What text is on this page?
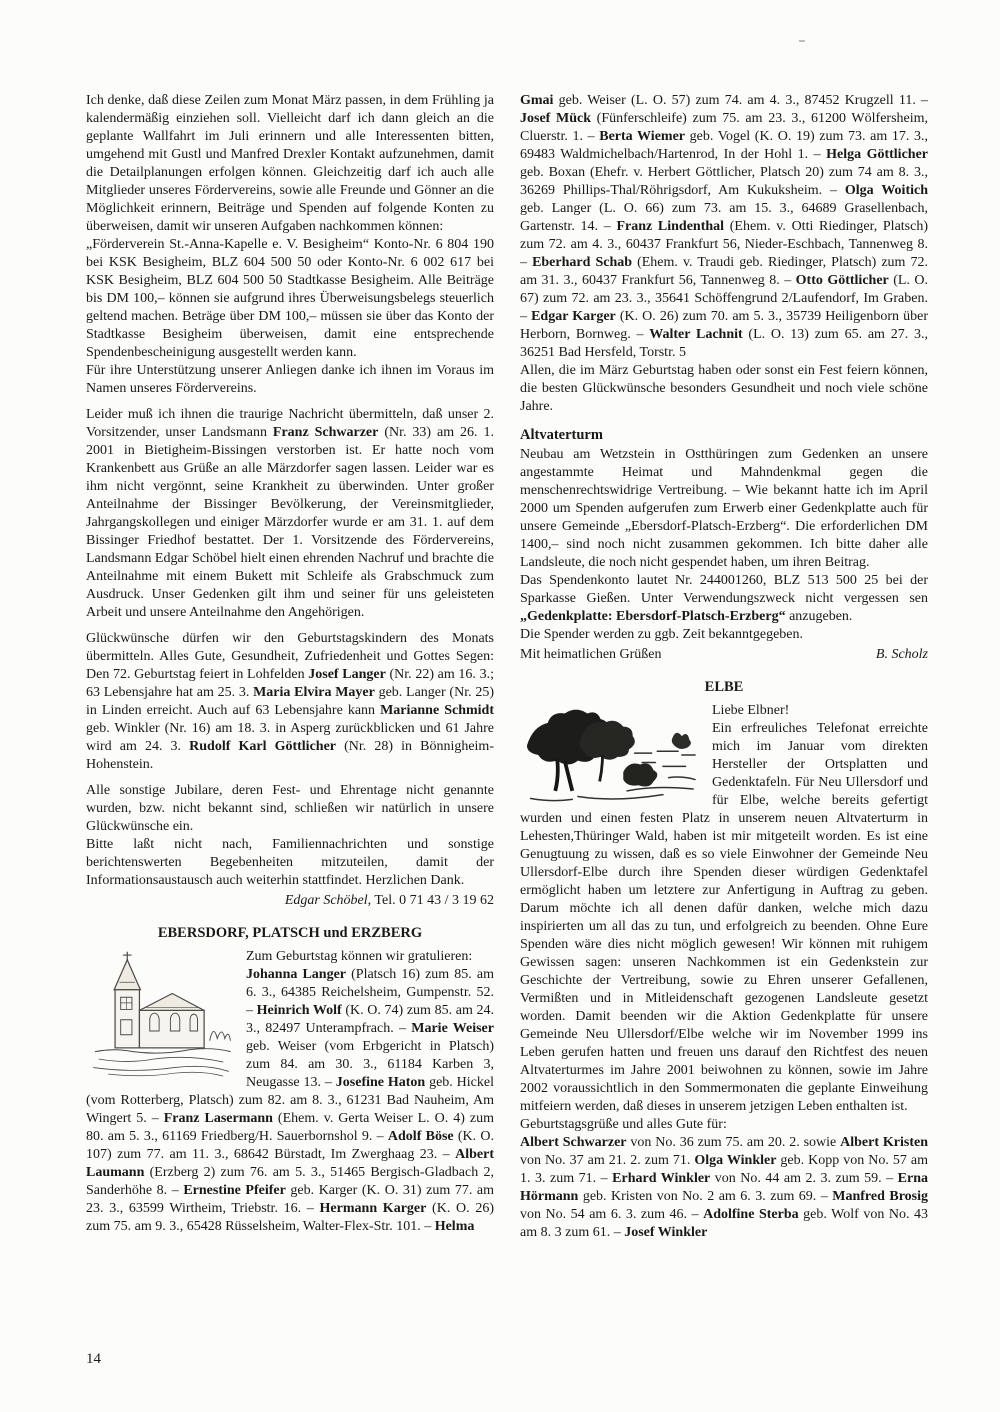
Ich denke, daß diese Zeilen zum Monat März passen, in dem Frühling ja kalendermäßig einziehen soll. Vielleicht darf ich dann gleich an die geplante Wallfahrt im Juli erinnern und alle Interessenten bitten, umgehend mit Gustl und Manfred Drexler Kontakt aufzunehmen, damit die Detailplanungen erfolgen können. Gleichzeitig darf ich auch alle Mitglieder unseres Fördervereins, sowie alle Freunde und Gönner an die Möglichkeit erinnern, Beiträge und Spenden auf folgende Konten zu überweisen, damit wir unseren Aufgaben nachkommen können:

„Förderverein St.-Anna-Kapelle e. V. Besigheim“ Konto-Nr. 6 804 190 bei KSK Besigheim, BLZ 604 500 50 oder Konto-Nr. 6 002 617 bei KSK Besigheim, BLZ 604 500 50 Stadtkasse Besigheim. Alle Beiträge bis DM 100,– können sie aufgrund ihres Überweisungsbelegs steuerlich geltend machen. Beträge über DM 100,– müssen sie über das Konto der Stadtkasse Besigheim überweisen, damit eine entsprechende Spendenbescheinigung ausgestellt werden kann.

Für ihre Unterstützung unserer Anliegen danke ich ihnen im Voraus im Namen unseres Fördervereins.

Leider muß ich ihnen die traurige Nachricht übermitteln, daß unser 2. Vorsitzender, unser Landsmann Franz Schwarzer (Nr. 33) am 26. 1. 2001 in Bietigheim-Bissingen verstorben ist. Er hatte noch vom Krankenbett aus Grüße an alle Märzdorfer sagen lassen. Leider war es ihm nicht vergönnt, seine Krankheit zu überwinden. Unter großer Anteilnahme der Bissinger Bevölkerung, der Vereinsmitglieder, Jahrgangskollegen und einiger Märzdorfer wurde er am 31. 1. auf dem Bissinger Friedhof bestattet. Der 1. Vorsitzende des Fördervereins, Landsmann Edgar Schöbel hielt einen ehrenden Nachruf und brachte die Anteilnahme mit einem Bukett mit Schleife als Grabschmuck zum Ausdruck. Unser Gedenken gilt ihm und seiner für uns geleisteten Arbeit und unsere Anteilnahme den Angehörigen.

Glückwünsche dürfen wir den Geburtstagskindern des Monats übermitteln. Alles Gute, Gesundheit, Zufriedenheit und Gottes Segen: Den 72. Geburtstag feiert in Lohfelden Josef Langer (Nr. 22) am 16. 3.; 63 Lebensjahre hat am 25. 3. Maria Elvira Mayer geb. Langer (Nr. 25) in Linden erreicht. Auch auf 63 Lebensjahre kann Marianne Schmidt geb. Winkler (Nr. 16) am 18. 3. in Asperg zurückblicken und 61 Jahre wird am 24. 3. Rudolf Karl Göttlicher (Nr. 28) in Bönnigheim-Hohenstein.

Alle sonstige Jubilare, deren Fest- und Ehrentage nicht genannte wurden, bzw. nicht bekannt sind, schließen wir natürlich in unsere Glückwünsche ein.

Bitte laßt nicht nach, Familiennachrichten und sonstige berichtenswerten Begebenheiten mitzuteilen, damit der Informationsaustausch auch weiterhin stattfindet. Herzlichen Dank.

Edgar Schöbel, Tel. 0 71 43 / 3 19 62

EBERSDORF, PLATSCH und ERZBERG

Zum Geburtstag können wir gratulieren:

Johanna Langer (Platsch 16) zum 85. am 6. 3., 64385 Reichelsheim, Gumpenstr. 52. – Heinrich Wolf (K. O. 74) zum 85. am 24. 3., 82497 Unterampfrach. – Marie Weiser geb. Weiser (vom Erbgericht in Platsch) zum 84. am 30. 3., 61184 Karben 3, Neugasse 13. – Josefine Haton geb. Hickel (vom Rotterberg, Platsch) zum 82. am 8. 3., 61231 Bad Nauheim, Am Wingert 5. – Franz Lasermann (Ehem. v. Gerta Weiser L. O. 4) zum 80. am 5. 3., 61169 Friedberg/H. Sauerbornshol 9. – Adolf Böse (K. O. 107) zum 77. am 11. 3., 68642 Bürstadt, Im Zwerghaag 23. – Albert Laumann (Erzberg 2) zum 76. am 5. 3., 51465 Bergisch-Gladbach 2, Sanderhöhe 8. – Ernestine Pfeifer geb. Karger (K. O. 31) zum 77. am 23. 3., 63599 Wirtheim, Triebstr. 16. – Hermann Karger (K. O. 26) zum 75. am 9. 3., 65428 Rüsselsheim, Walter-Flex-Str. 101. – Helma

Gmai geb. Weiser (L. O. 57) zum 74. am 4. 3., 87452 Krugzell 11. – Josef Mück (Fünferschleife) zum 75. am 23. 3., 61200 Wölfersheim, Cluerstr. 1. – Berta Wiemer geb. Vogel (K. O. 19) zum 73. am 17. 3., 69483 Waldmichelbach/Hartenrod, In der Hohl 1. – Helga Göttlicher geb. Boxan (Ehefr. v. Herbert Göttlicher, Platsch 20) zum 74 am 8. 3., 36269 Phillips-Thal/Röhrigsdorf, Am Kukuksheim. – Olga Woitich geb. Langer (L. O. 66) zum 73. am 15. 3., 64689 Grasellenbach, Gartenstr. 14. – Franz Lindenthal (Ehem. v. Otti Riedinger, Platsch) zum 72. am 4. 3., 60437 Frankfurt 56, Nieder-Eschbach, Tannenweg 8. – Eberhard Schab (Ehem. v. Traudi geb. Riedinger, Platsch) zum 72. am 31. 3., 60437 Frankfurt 56, Tannenweg 8. – Otto Göttlicher (L. O. 67) zum 72. am 23. 3., 35641 Schöffengrund 2/Laufendorf, Im Graben. – Edgar Karger (K. O. 26) zum 70. am 5. 3., 35739 Heiligenborn über Herborn, Bornweg. – Walter Lachnit (L. O. 13) zum 65. am 27. 3., 36251 Bad Hersfeld, Torstr. 5

Allen, die im März Geburtstag haben oder sonst ein Fest feiern können, die besten Glückwünsche besonders Gesundheit und noch viele schöne Jahre.

Altvaterturm

Neubau am Wetzstein in Ostthüringen zum Gedenken an unsere angestammte Heimat und Mahndenkmal gegen die menschenrechtswidrige Vertreibung. – Wie bekannt hatte ich im April 2000 um Spenden aufgerufen zum Erwerb einer Gedenkplatte auch für unsere Gemeinde „Ebersdorf-Platsch-Erzberg“. Die erforderlichen DM 1400,– sind noch nicht zusammen gekommen. Ich bitte daher alle Landsleute, die noch nicht gespendet haben, um ihren Beitrag.

Das Spendenkonto lautet Nr. 244001260, BLZ 513 500 25 bei der Sparkasse Gießen. Unter Verwendungszweck nicht vergessen sen „Gedenkplatte: Ebersdorf-Platsch-Erzberg“ anzugeben.

Die Spender werden zu ggb. Zeit bekanntgegeben.

Mit heimatlichen Grüßen	B. Scholz
ELBE

Liebe Elbner!

Ein erfreuliches Telefonat erreichte mich im Januar vom direkten Hersteller der Ortsplatten und Gedenktafeln. Für Neu Ullersdorf und für Elbe, welche bereits gefertigt wurden und einen festen Platz in unserem neuen Altvaterturm in Lehesten,Thüringer Wald, haben ist mir mitgeteilt worden. Es ist eine Genugtuung zu wissen, daß es so viele Einwohner der Gemeinde Neu Ullersdorf-Elbe durch ihre Spenden dieser würdigen Gedenktafel ermöglicht haben um letztere zur Anfertigung in Auftrag zu geben. Darum möchte ich all denen dafür danken, welche mich dazu inspirierten um all das zu tun, und erfolgreich zu beenden. Ohne Eure Spenden wäre dies nicht möglich gewesen! Wir können mit ruhigem Gewissen sagen: unseren Nachkommen ist ein Gedenkstein zur Geschichte der Vertreibung, sowie zu Ehren unserer Gefallenen, Vermißten und in Mitleidenschaft gezogenen Landsleute gesetzt worden. Damit beenden wir die Aktion Gedenkplatte für unsere Gemeinde Neu Ullersdorf/Elbe welche wir im November 1999 ins Leben gerufen hatten und freuen uns darauf den Richtfest des neuen Altvaterturmes im Jahre 2001 beiwohnen zu können, sowie im Jahre 2002 voraussichtlich in den Sommermonaten die geplante Einweihung mitfeiern werden, daß dieses in unserem jetzigen Leben enthalten ist.

Geburtstagsgrüße und alles Gute für:

Albert Schwarzer von No. 36 zum 75. am 20. 2. sowie Albert Kristen von No. 37 am 21. 2. zum 71. Olga Winkler geb. Kopp von No. 57 am 1. 3. zum 71. – Erhard Winkler von No. 44 am 2. 3. zum 59. – Erna Hörmann geb. Kristen von No. 2 am 6. 3. zum 69. – Manfred Brosig von No. 54 am 6. 3. zum 46. – Adolfine Sterba geb. Wolf von No. 43 am 8. 3 zum 61. – Josef Winkler

14
